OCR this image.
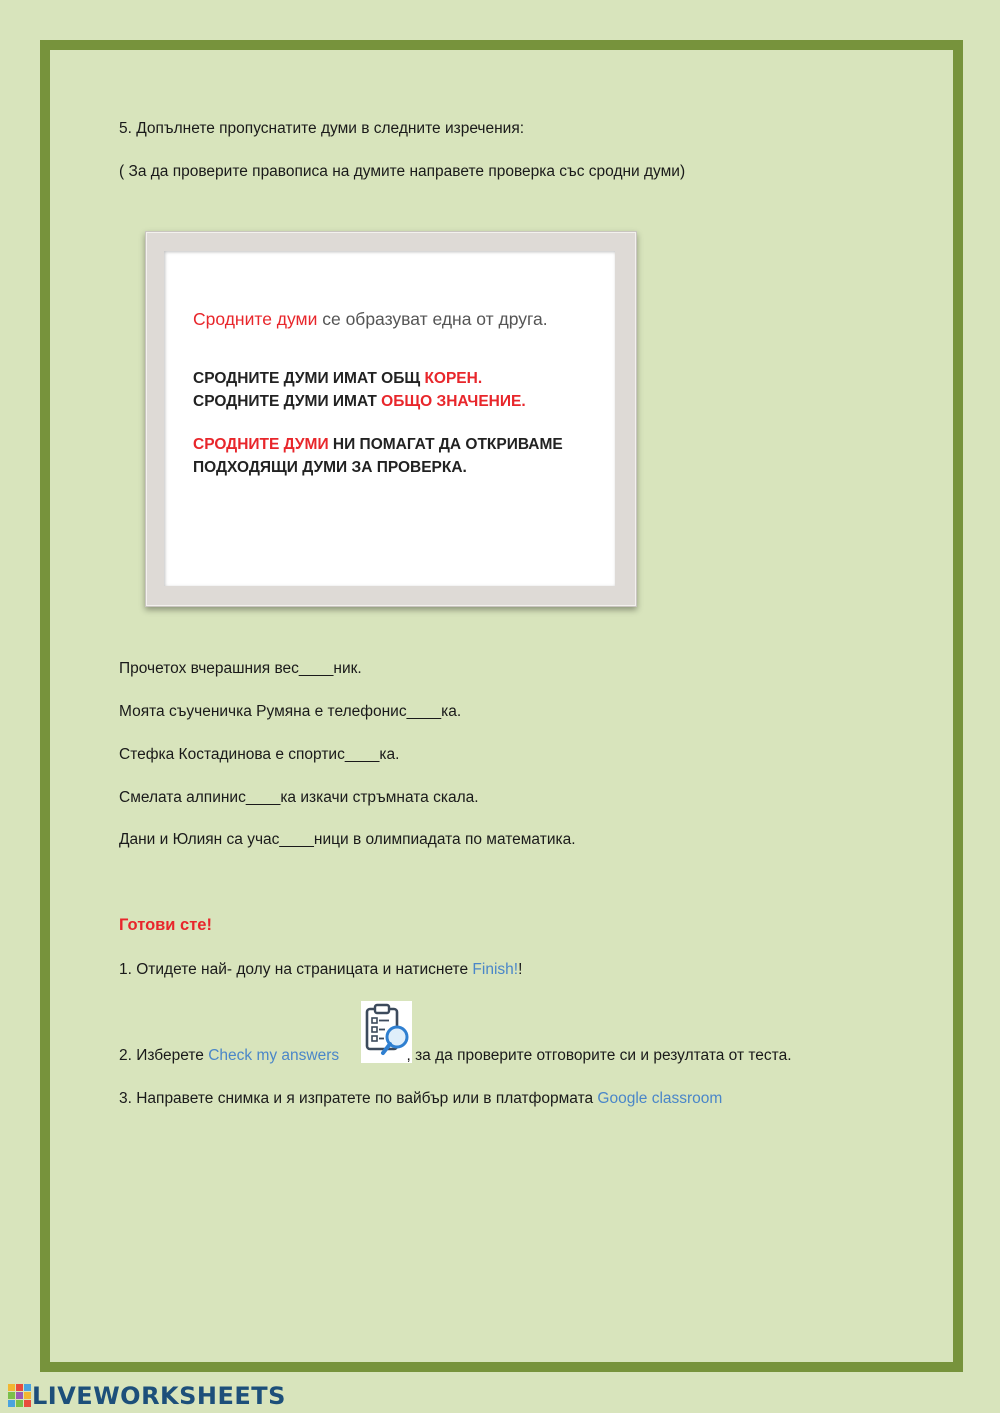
5. Допълнете пропуснатите думи в следните изречения:
( За да проверите правописа на думите направете проверка със сродни думи)
Сродните думи се образуват една от друга.
СРОДНИТЕ ДУМИ ИМАТ ОБЩ КОРЕН.
СРОДНИТЕ ДУМИ ИМАТ ОБЩО ЗНАЧЕНИЕ.
СРОДНИТЕ ДУМИ НИ ПОМАГАТ ДА ОТКРИВАМЕ
ПОДХОДЯЩИ ДУМИ ЗА ПРОВЕРКА.
Прочетох вчерашния вес____ник.
Моята съученичка Румяна е телефонис____ка.
Стефка Костадинова е спортис____ка.
Смелата алпинис____ка изкачи стръмната скала.
Дани и Юлиян са учас____ници в олимпиадата по математика.
Готови сте!
1. Отидете най- долу на страницата и натиснете Finish!!
2. Изберете Check my answers	, за да проверите отговорите си и резултата от теста.
3. Направете снимка и я изпратете по вайбър или в платформата Google classroom
LIVEWORKSHEETS
